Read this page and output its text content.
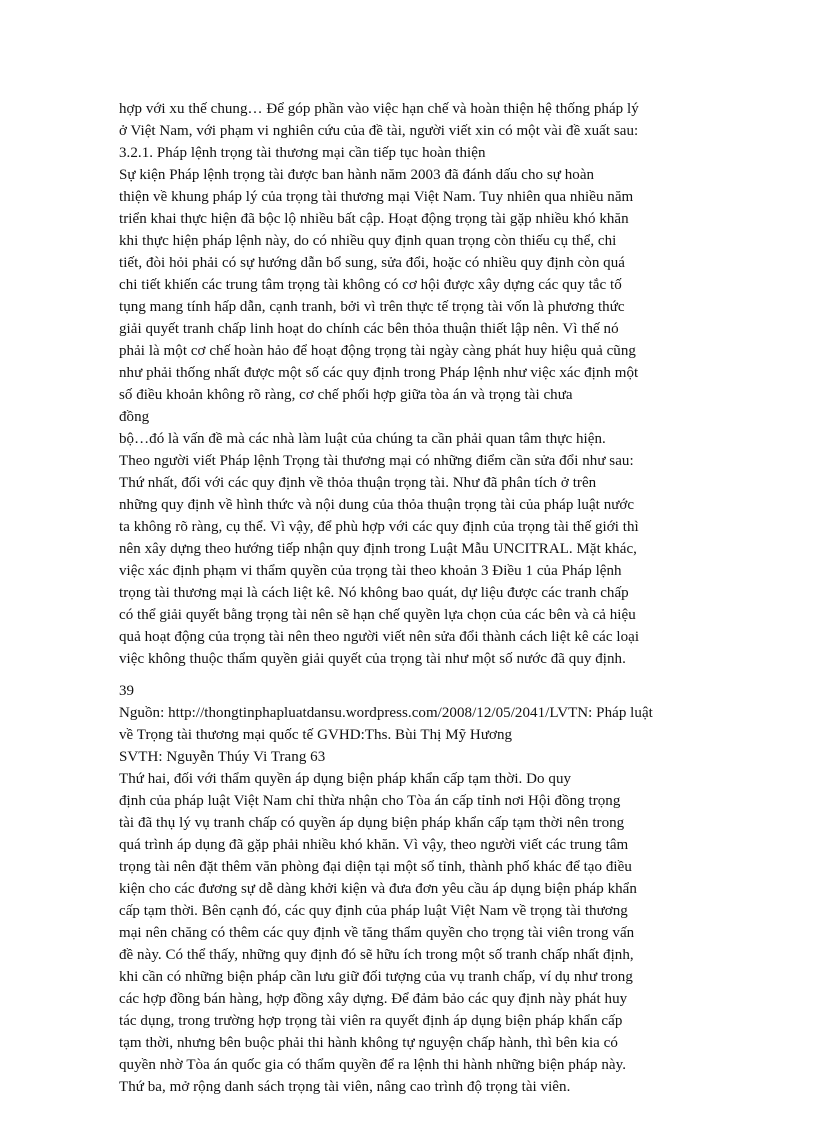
hợp với xu thế chung… Để góp phần vào việc hạn chế và hoàn thiện hệ thống pháp lý
ở Việt Nam, với phạm vi nghiên cứu của đề tài, người viết xin có một vài đề xuất sau:
3.2.1. Pháp lệnh trọng tài thương mại cần tiếp tục hoàn thiện
Sự kiện Pháp lệnh trọng tài được ban hành năm 2003 đã đánh dấu cho sự hoàn
thiện về khung pháp lý của trọng tài thương mại Việt Nam. Tuy nhiên qua nhiều năm
triển khai thực hiện đã bộc lộ nhiều bất cập. Hoạt động trọng tài gặp nhiều khó khăn
khi thực hiện pháp lệnh này, do có nhiều quy định quan trọng còn thiếu cụ thể, chi
tiết, đòi hỏi phải có sự hướng dẫn bổ sung, sửa đổi, hoặc có nhiều quy định còn quá
chi tiết khiến các trung tâm trọng tài không có cơ hội được xây dựng các quy tắc tố
tụng mang tính hấp dẫn, cạnh tranh, bởi vì trên thực tế trọng tài vốn là phương thức
giải quyết tranh chấp linh hoạt do chính các bên thỏa thuận thiết lập nên. Vì thế nó
phải là một cơ chế hoàn hảo để hoạt động trọng tài ngày càng phát huy hiệu quả cũng
như phải thống nhất được một số các quy định trong Pháp lệnh như việc xác định một
số điều khoản không rõ ràng, cơ chế phối hợp giữa tòa án và trọng tài chưa
đồng
bộ…đó là vấn đề mà các nhà làm luật của chúng ta cần phải quan tâm thực hiện.
Theo người viết Pháp lệnh Trọng tài thương mại có những điểm cần sửa đổi như sau:
Thứ nhất, đối với các quy định về thỏa thuận trọng tài. Như đã phân tích ở trên
những quy định về hình thức và nội dung của thỏa thuận trọng tài của pháp luật nước
ta không rõ ràng, cụ thể. Vì vậy, để phù hợp với các quy định của trọng tài thế giới thì
nên xây dựng theo hướng tiếp nhận quy định trong Luật Mẫu UNCITRAL. Mặt khác,
việc xác định phạm vi thẩm quyền của trọng tài theo khoản 3 Điều 1 của Pháp lệnh
trọng tài thương mại là cách liệt kê. Nó không bao quát, dự liệu được các tranh chấp
có thể giải quyết bằng trọng tài nên sẽ hạn chế quyền lựa chọn của các bên và cả hiệu
quả hoạt động của trọng tài nên theo người viết nên sửa đổi thành cách liệt kê các loại
việc không thuộc thẩm quyền giải quyết của trọng tài như một số nước đã quy định.
39
Nguồn: http://thongtinphapluatdansu.wordpress.com/2008/12/05/2041/LVTN: Pháp luật
về Trọng tài thương mại quốc tế GVHD:Ths. Bùi Thị Mỹ Hương
SVTH: Nguyễn Thúy Vi Trang 63
Thứ hai, đối với thẩm quyền áp dụng biện pháp khẩn cấp tạm thời. Do quy
định của pháp luật Việt Nam chỉ thừa nhận cho Tòa án cấp tỉnh nơi Hội đồng trọng
tài đã thụ lý vụ tranh chấp có quyền áp dụng biện pháp khẩn cấp tạm thời nên trong
quá trình áp dụng đã gặp phải nhiều khó khăn. Vì vậy, theo người viết các trung tâm
trọng tài nên đặt thêm văn phòng đại diện tại một số tỉnh, thành phố khác để tạo điều
kiện cho các đương sự dễ dàng khởi kiện và đưa đơn yêu cầu áp dụng biện pháp khẩn
cấp tạm thời. Bên cạnh đó, các quy định của pháp luật Việt Nam về trọng tài thương
mại nên chăng có thêm các quy định về tăng thẩm quyền cho trọng tài viên trong vấn
đề này. Có thể thấy, những quy định đó sẽ hữu ích trong một số tranh chấp nhất định,
khi cần có những biện pháp cần lưu giữ đối tượng của vụ tranh chấp, ví dụ như trong
các hợp đồng bán hàng, hợp đồng xây dựng. Để đảm bảo các quy định này phát huy
tác dụng, trong trường hợp trọng tài viên ra quyết định áp dụng biện pháp khẩn cấp
tạm thời, nhưng bên buộc phải thi hành không tự nguyện chấp hành, thì bên kia có
quyền nhờ Tòa án quốc gia có thẩm quyền để ra lệnh thi hành những biện pháp này.
Thứ ba, mở rộng danh sách trọng tài viên, nâng cao trình độ trọng tài viên.
